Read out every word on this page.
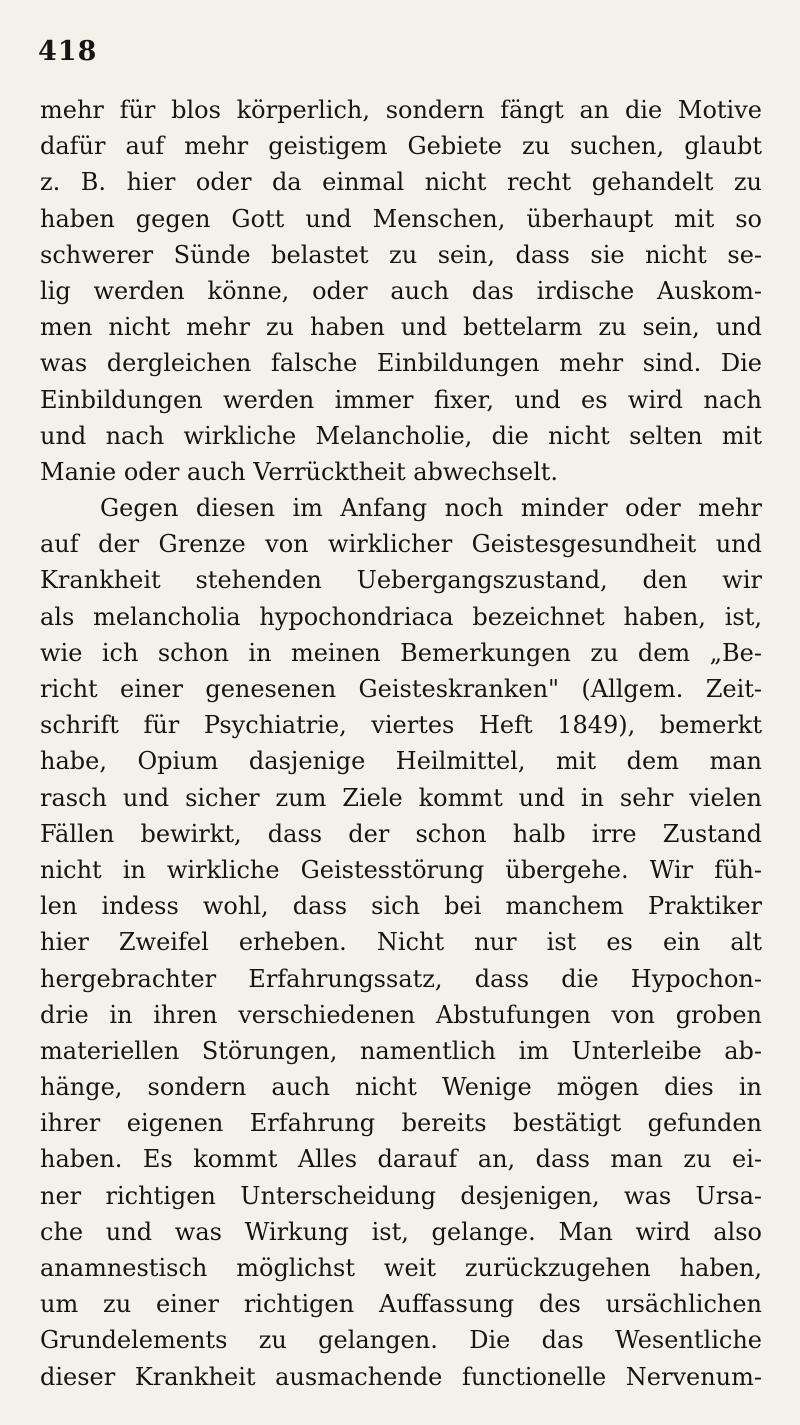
418
mehr für blos körperlich, sondern fängt an die Motive
dafür auf mehr geistigem Gebiete zu suchen, glaubt
z. B. hier oder da einmal nicht recht gehandelt zu
haben gegen Gott und Menschen, überhaupt mit so
schwerer Sünde belastet zu sein, dass sie nicht se-
lig werden könne, oder auch das irdische Auskom-
men nicht mehr zu haben und bettelarm zu sein, und
was dergleichen falsche Einbildungen mehr sind. Die
Einbildungen werden immer fixer, und es wird nach
und nach wirkliche Melancholie, die nicht selten mit
Manie oder auch Verrücktheit abwechselt.
Gegen diesen im Anfang noch minder oder mehr
auf der Grenze von wirklicher Geistesgesundheit und
Krankheit stehenden Uebergangszustand, den wir
als melancholia hypochondriaca bezeichnet haben, ist,
wie ich schon in meinen Bemerkungen zu dem „Be-
richt einer genesenen Geisteskranken" (Allgem. Zeit-
schrift für Psychiatrie, viertes Heft 1849), bemerkt
habe, Opium dasjenige Heilmittel, mit dem man
rasch und sicher zum Ziele kommt und in sehr vielen
Fällen bewirkt, dass der schon halb irre Zustand
nicht in wirkliche Geistesstörung übergehe. Wir füh-
len indess wohl, dass sich bei manchem Praktiker
hier Zweifel erheben. Nicht nur ist es ein alt
hergebrachter Erfahrungssatz, dass die Hypochon-
drie in ihren verschiedenen Abstufungen von groben
materiellen Störungen, namentlich im Unterleibe ab-
hänge, sondern auch nicht Wenige mögen dies in
ihrer eigenen Erfahrung bereits bestätigt gefunden
haben. Es kommt Alles darauf an, dass man zu ei-
ner richtigen Unterscheidung desjenigen, was Ursa-
che und was Wirkung ist, gelange. Man wird also
anamnestisch möglichst weit zurückzugehen haben,
um zu einer richtigen Auffassung des ursächlichen
Grundelements zu gelangen. Die das Wesentliche
dieser Krankheit ausmachende functionelle Nervenum-
